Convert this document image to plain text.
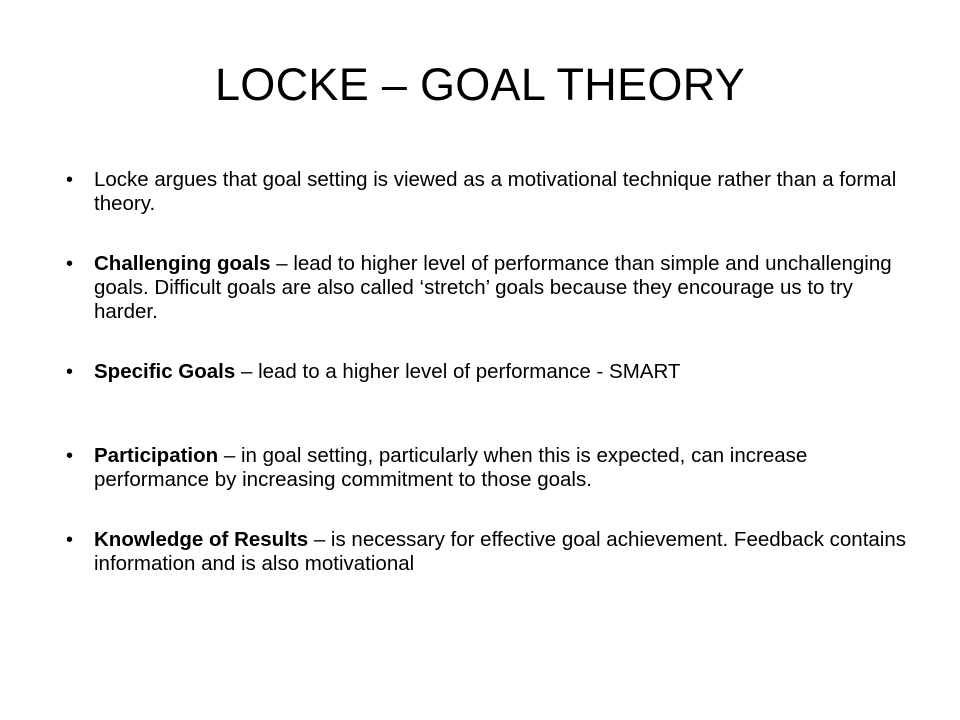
LOCKE – GOAL THEORY
• Locke argues that goal setting is viewed as a motivational technique rather than a formal theory.
• Challenging goals – lead to higher level of performance than simple and unchallenging goals. Difficult goals are also called ‘stretch’ goals because they encourage us to try harder.
• Specific Goals – lead to a higher level of performance - SMART
• Participation – in goal setting, particularly when this is expected, can increase performance by increasing commitment to those goals.
• Knowledge of Results – is necessary for effective goal achievement. Feedback contains information and is also motivational
